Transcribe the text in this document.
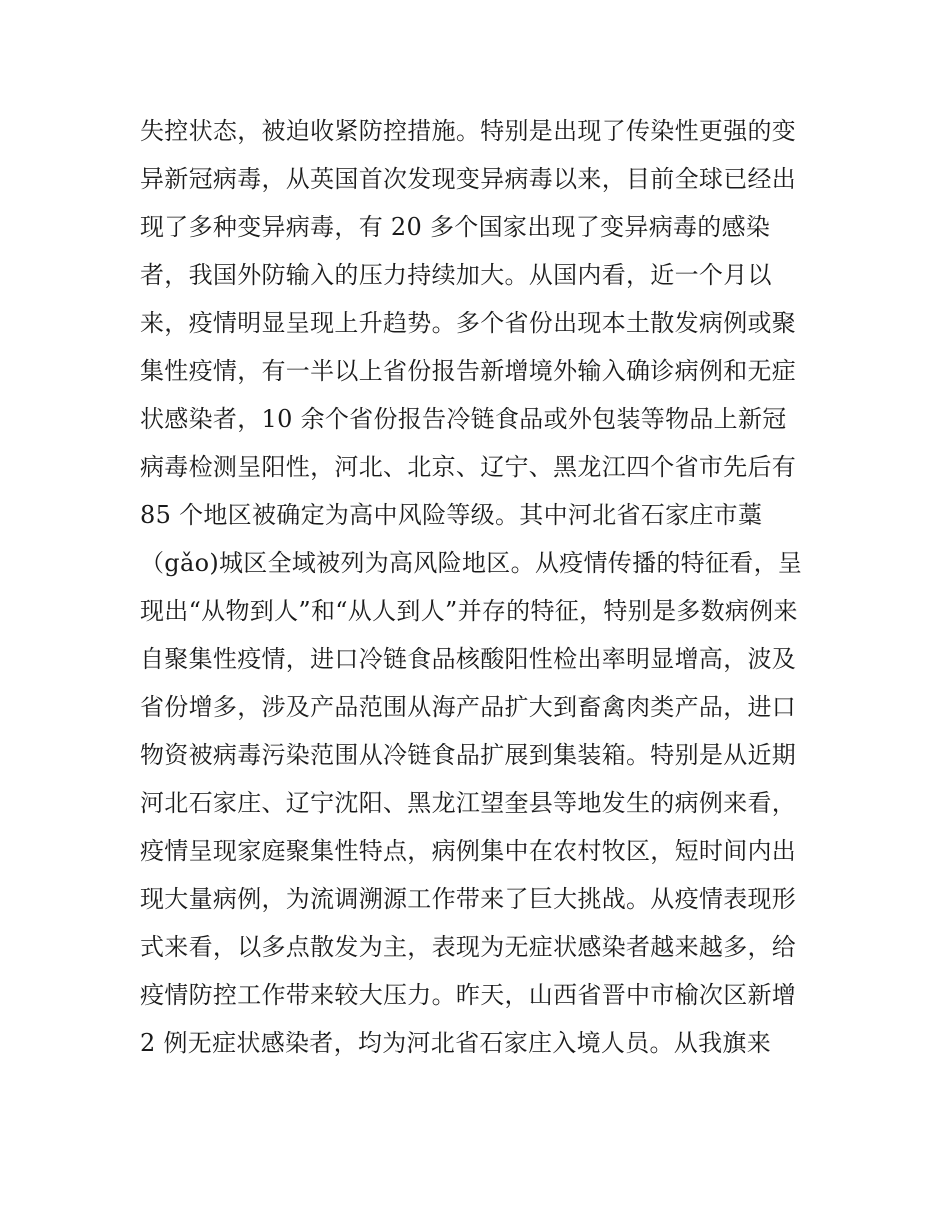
失控状态，被迫收紧防控措施。特别是出现了传染性更强的变
异新冠病毒，从英国首次发现变异病毒以来，目前全球已经出
现了多种变异病毒，有 20 多个国家出现了变异病毒的感染
者，我国外防输入的压力持续加大。从国内看，近一个月以
来，疫情明显呈现上升趋势。多个省份出现本土散发病例或聚
集性疫情，有一半以上省份报告新增境外输入确诊病例和无症
状感染者，10 余个省份报告冷链食品或外包装等物品上新冠
病毒检测呈阳性，河北、北京、辽宁、黑龙江四个省市先后有
85 个地区被确定为高中风险等级。其中河北省石家庄市藁
（gǎo)城区全域被列为高风险地区。从疫情传播的特征看，呈
现出“从物到人”和“从人到人”并存的特征，特别是多数病例来
自聚集性疫情，进口冷链食品核酸阳性检出率明显增高，波及
省份增多，涉及产品范围从海产品扩大到畜禽肉类产品，进口
物资被病毒污染范围从冷链食品扩展到集装箱。特别是从近期
河北石家庄、辽宁沈阳、黑龙江望奎县等地发生的病例来看，
疫情呈现家庭聚集性特点，病例集中在农村牧区，短时间内出
现大量病例，为流调溯源工作带来了巨大挑战。从疫情表现形
式来看，以多点散发为主，表现为无症状感染者越来越多，给
疫情防控工作带来较大压力。昨天，山西省晋中市榆次区新增
2 例无症状感染者，均为河北省石家庄入境人员。从我旗来
